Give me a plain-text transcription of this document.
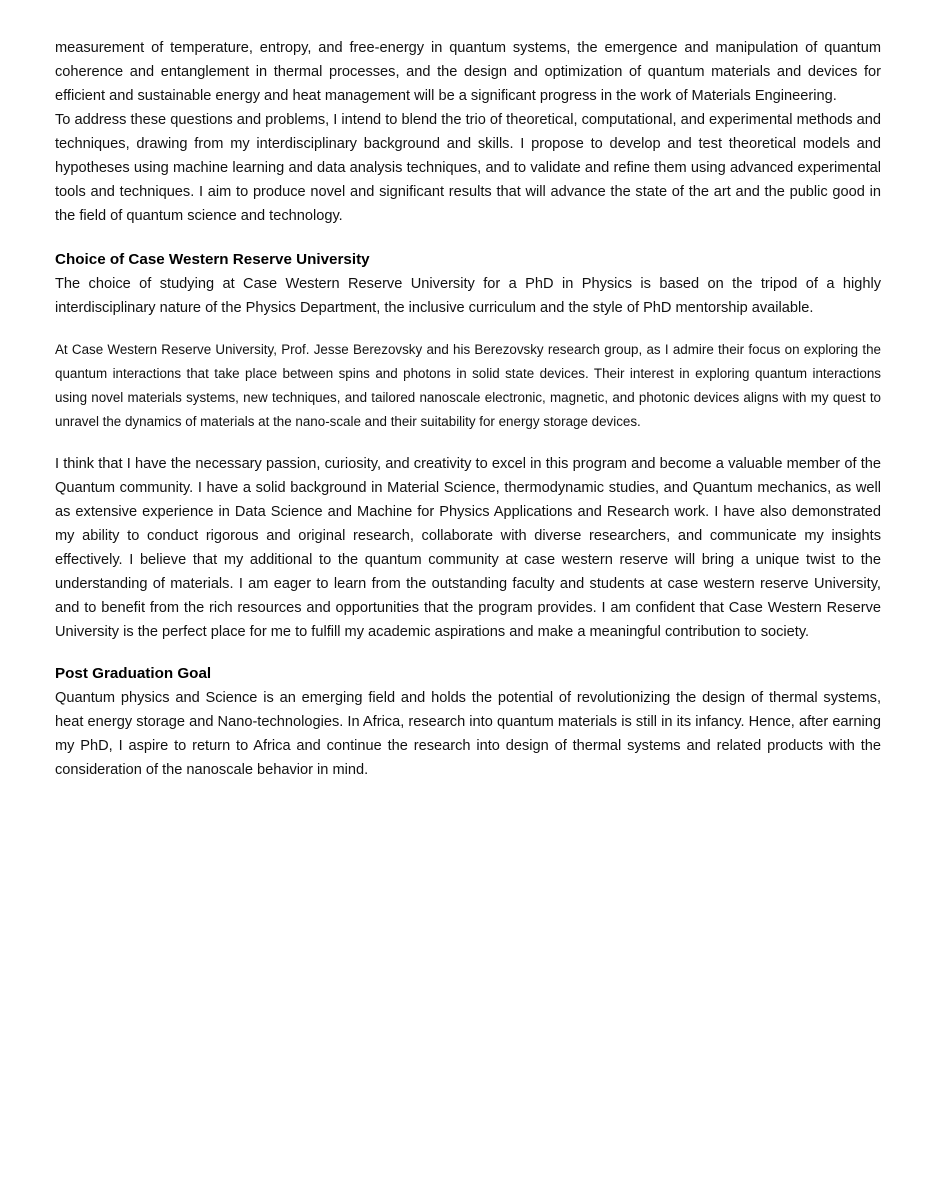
measurement of temperature, entropy, and free-energy in quantum systems, the emergence and manipulation of quantum coherence and entanglement in thermal processes, and the design and optimization of quantum materials and devices for efficient and sustainable energy and heat management will be a significant progress in the work of Materials Engineering.

To address these questions and problems, I intend to blend the trio of theoretical, computational, and experimental methods and techniques, drawing from my interdisciplinary background and skills. I propose to develop and test theoretical models and hypotheses using machine learning and data analysis techniques, and to validate and refine them using advanced experimental tools and techniques. I aim to produce novel and significant results that will advance the state of the art and the public good in the field of quantum science and technology.

Choice of Case Western Reserve University

The choice of studying at Case Western Reserve University for a PhD in Physics is based on the tripod of a highly interdisciplinary nature of the Physics Department, the inclusive curriculum and the style of PhD mentorship available.

At Case Western Reserve University, Prof. Jesse Berezovsky and his Berezovsky research group, as I admire their focus on exploring the quantum interactions that take place between spins and photons in solid state devices. Their interest in exploring quantum interactions using novel materials systems, new techniques, and tailored nanoscale electronic, magnetic, and photonic devices aligns with my quest to unravel the dynamics of materials at the nano-scale and their suitability for energy storage devices.

I think that I have the necessary passion, curiosity, and creativity to excel in this program and become a valuable member of the Quantum community. I have a solid background in Material Science, thermodynamic studies, and Quantum mechanics, as well as extensive experience in Data Science and Machine for Physics Applications and Research work. I have also demonstrated my ability to conduct rigorous and original research, collaborate with diverse researchers, and communicate my insights effectively. I believe that my additional to the quantum community at case western reserve will bring a unique twist to the understanding of materials. I am eager to learn from the outstanding faculty and students at case western reserve University, and to benefit from the rich resources and opportunities that the program provides. I am confident that Case Western Reserve University is the perfect place for me to fulfill my academic aspirations and make a meaningful contribution to society.

Post Graduation Goal

Quantum physics and Science is an emerging field and holds the potential of revolutionizing the design of thermal systems, heat energy storage and Nano-technologies. In Africa, research into quantum materials is still in its infancy. Hence, after earning my PhD, I aspire to return to Africa and continue the research into design of thermal systems and related products with the consideration of the nanoscale behavior in mind.
